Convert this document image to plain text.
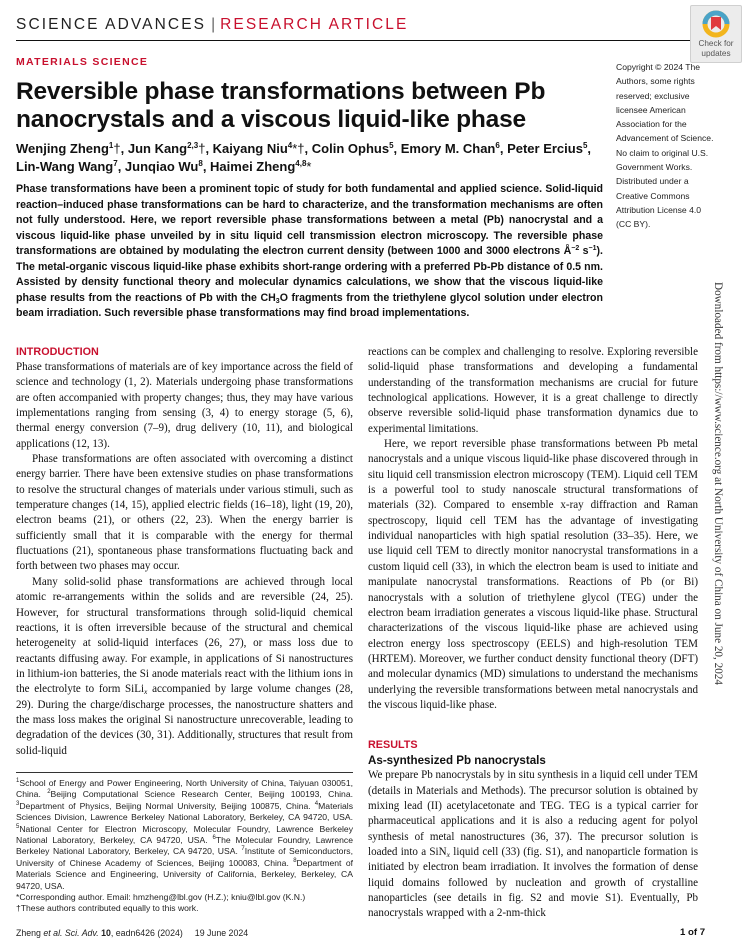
SCIENCE ADVANCES | RESEARCH ARTICLE
Check for
updates
MATERIALS SCIENCE
Reversible phase transformations between Pb nanocrystals and a viscous liquid-like phase
Wenjing Zheng$^1$†, Jun Kang$^{2,3}$†, Kaiyang Niu$^4$*†, Colin Ophus$^5$, Emory M. Chan$^6$, Peter Ercius$^5$,
Lin-Wang Wang$^7$, Junqiao Wu$^8$, Haimei Zheng$^{4,8}$*
Copyright © 2024 The Authors, some rights reserved; exclusive licensee American Association for the Advancement of Science. No claim to original U.S. Government Works. Distributed under a Creative Commons Attribution License 4.0 (CC BY).
Phase transformations have been a prominent topic of study for both fundamental and applied science. Solid-liquid reaction–induced phase transformations can be hard to characterize, and the transformation mechanisms are often not fully understood. Here, we report reversible phase transformations between a metal (Pb) nanocrystal and a viscous liquid-like phase unveiled by in situ liquid cell transmission electron microscopy. The reversible phase transformations are obtained by modulating the electron current density (between 1000 and 3000 electrons $Å^{-2}$ $s^{-1}$). The metal-organic viscous liquid-like phase exhibits short-range ordering with a preferred Pb-Pb distance of 0.5 nm. Assisted by density functional theory and molecular dynamics calculations, we show that the viscous liquid-like phase results from the reactions of Pb with the $CH_3O$ fragments from the triethylene glycol solution under electron beam irradiation. Such reversible phase transformations may find broad implementations.	Downloaded from https://www.science.org at North University of China on June 20, 2024
INTRODUCTION

Phase transformations of materials are of key importance across the field of science and technology (1, 2). Materials undergoing phase transformations are often accompanied with property changes; thus, they may have various implementations ranging from sensing (3, 4) to energy storage (5, 6), thermal energy conversion (7–9), drug delivery (10, 11), and biological applications (12, 13).

Phase transformations are often associated with overcoming a distinct energy barrier. There have been extensive studies on phase transformations to resolve the structural changes of materials under various stimuli, such as temperature changes (14, 15), applied electric fields (16–18), light (19, 20), electron beams (21), or others (22, 23). When the energy barrier is sufficiently small that it is comparable with the energy for thermal fluctuations (21), spontaneous phase transformations fluctuating back and forth between two phases may occur.

Many solid-solid phase transformations are achieved through local atomic re-arrangements within the solids and are reversible (24, 25). However, for structural transformations through solid-liquid chemical reactions, it is often irreversible because of the structural and chemical heterogeneity at solid-liquid interfaces (26, 27), or mass loss due to reactants diffusing away. For example, in applications of Si nanostructures in lithium-ion batteries, the Si anode materials react with the lithium ions in the electrolyte to form SiLi$_x$ accompanied by large volume changes (28, 29). During the charge/discharge processes, the nanostructure shatters and the mass loss makes the original Si nanostructure unrecoverable, leading to degradation of the devices (30, 31). Additionally, structures that result from solid-liquid

reactions can be complex and challenging to resolve. Exploring reversible solid-liquid phase transformations and developing a fundamental understanding of the transformation mechanisms are crucial for future technological applications. However, it is a great challenge to directly observe reversible solid-liquid phase transformation dynamics due to experimental limitations.

Here, we report reversible phase transformations between Pb metal nanocrystals and a unique viscous liquid-like phase discovered through in situ liquid cell transmission electron microscopy (TEM). Liquid cell TEM is a powerful tool to study nanoscale structural transformations of materials (32). Compared to ensemble x-ray diffraction and Raman spectroscopy, liquid cell TEM has the advantage of investigating individual nanoparticles with high spatial resolution (33–35). Here, we use liquid cell TEM to directly monitor nanocrystal transformations in a custom liquid cell (33), in which the electron beam is used to initiate and manipulate nanocrystal transformations. Reactions of Pb (or Bi) nanocrystals with a solution of triethylene glycol (TEG) under the electron beam irradiation generates a viscous liquid-like phase. Structural characterizations of the viscous liquid-like phase are achieved using electron energy loss spectroscopy (EELS) and high-resolution TEM (HRTEM). Moreover, we further conduct density functional theory (DFT) and molecular dynamics (MD) simulations to understand the mechanisms underlying the reversible transformations between metal nanocrystals and the viscous liquid-like phase.

RESULTS
As-synthesized Pb nanocrystals

We prepare Pb nanocrystals by in situ synthesis in a liquid cell under TEM (details in Materials and Methods). The precursor solution is obtained by mixing lead (II) acetylacetonate and TEG. TEG is a typical carrier for pharmaceutical applications and it is also a reducing agent for polyol synthesis of metal nanostructures (36, 37). The precursor solution is loaded into a SiN$_x$ liquid cell (33) (fig. S1), and nanoparticle formation is initiated by electron beam irradiation. It involves the formation of dense liquid domains followed by nucleation and growth of crystalline nanoparticles (see details in fig. S2 and movie S1). Eventually, Pb nanocrystals wrapped with a 2-nm-thick

$^1$School of Energy and Power Engineering, North University of China, Taiyuan 030051, China. $^2$Beijing Computational Science Research Center, Beijing 100193, China. $^3$Department of Physics, Beijing Normal University, Beijing 100875, China. $^4$Materials Sciences Division, Lawrence Berkeley National Laboratory, Berkeley, CA 94720, USA. $^5$National Center for Electron Microscopy, Molecular Foundry, Lawrence Berkeley National Laboratory, Berkeley, CA 94720, USA. $^6$The Molecular Foundry, Lawrence Berkeley National Laboratory, Berkeley, CA 94720, USA. $^7$Institute of Semiconductors, University of Chinese Academy of Sciences, Beijing 100083, China. $^8$Department of Materials Science and Engineering, University of California, Berkeley, Berkeley, CA 94720, USA.

*Corresponding author. Email: hmzheng@lbl.gov (H.Z.); kniu@lbl.gov (K.N.)

†These authors contributed equally to this work.

Zheng et al. Sci. Adv. 10, eadn6426 (2024) 19 June 2024	1 of 7
